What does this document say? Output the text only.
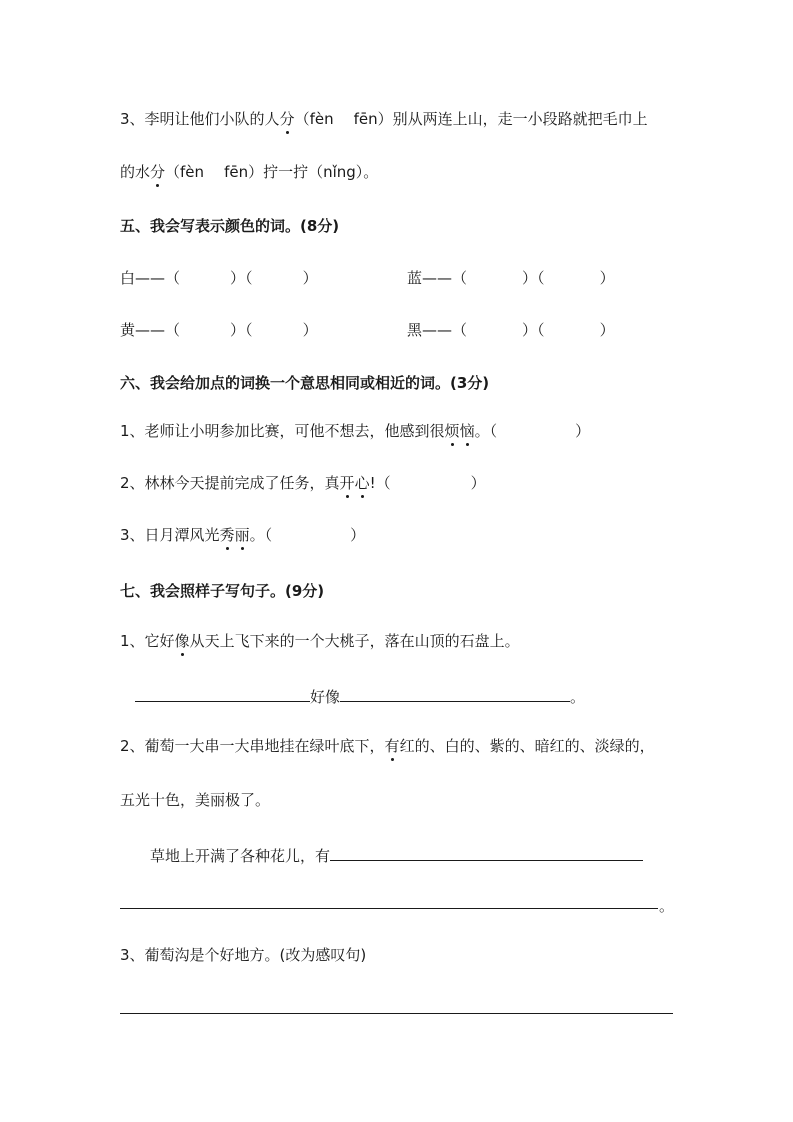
3、李明让他们小队的人分（fèn fēn）别从两连上山，走一小段路就把毛巾上
的水分（fèn fēn）拧一拧（nǐng）。
五、我会写表示颜色的词。(8分)
白——（	）（	）	蓝——（	）（	）
黄——（	）（	）	黑——（	）（	）
六、我会给加点的词换一个意思相同或相近的词。(3分)
1、老师让小明参加比赛，可他不想去，他感到很烦恼。（	）
2、林林今天提前完成了任务，真开心!（	）
3、日月潭风光秀丽。（	）
七、我会照样子写句子。(9分)
1、它好像从天上飞下来的一个大桃子，落在山顶的石盘上。
好像	。
2、葡萄一大串一大串地挂在绿叶底下，有红的、白的、紫的、暗红的、淡绿的，
五光十色，美丽极了。
草地上开满了各种花儿，有
。
3、葡萄沟是个好地方。(改为感叹句)
